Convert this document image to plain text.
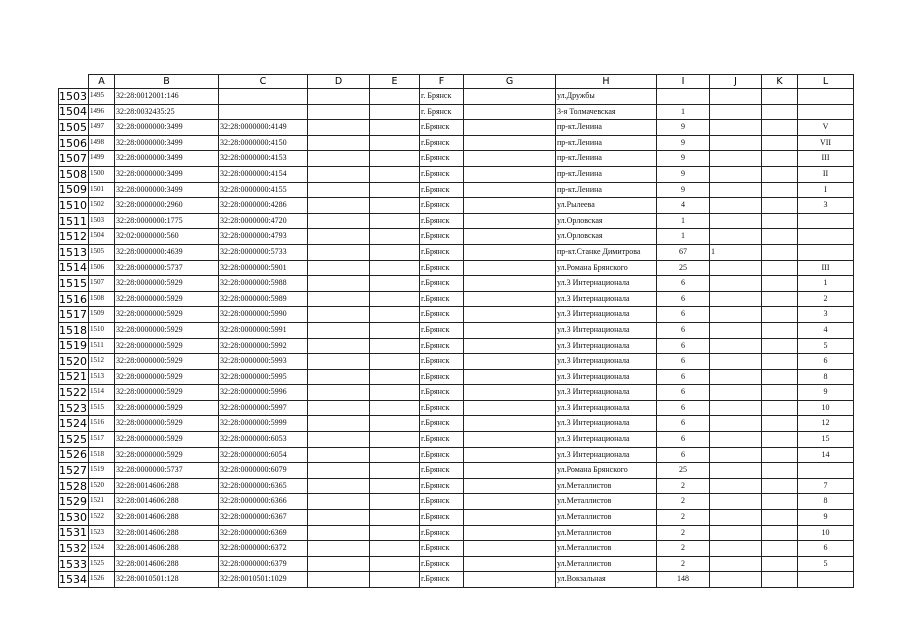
	A	B	C	D	E	F	G	H	I	J	K	L
1503	1495	32:28:0012001:146				г. Брянск		ул.Дружбы				
1504	1496	32:28:0032435:25				г. Брянск		3-я Толмачевская	1			
1505	1497	32:28:0000000:3499	32:28:0000000:4149			г.Брянск		пр-кт.Ленина	9			V
1506	1498	32:28:0000000:3499	32:28:0000000:4150			г.Брянск		пр-кт.Ленина	9			VII
1507	1499	32:28:0000000:3499	32:28:0000000:4153			г.Брянск		пр-кт.Ленина	9			III
1508	1500	32:28:0000000:3499	32:28:0000000:4154			г.Брянск		пр-кт.Ленина	9			II
1509	1501	32:28:0000000:3499	32:28:0000000:4155			г.Брянск		пр-кт.Ленина	9			I
1510	1502	32:28:0000000:2960	32:28:0000000:4286			г.Брянск		ул.Рылеева	4			3
1511	1503	32:28:0000000:1775	32:28:0000000:4720			г.Брянск		ул.Орловская	1			
1512	1504	32:02:0000000:560	32:28:0000000:4793			г.Брянск		ул.Орловская	1			
1513	1505	32:28:0000000:4639	32:28:0000000:5733			г.Брянск		пр-кт.Станке Димитрова	67	1		
1514	1506	32:28:0000000:5737	32:28:0000000:5901			г.Брянск		ул.Романа Брянского	25			III
1515	1507	32:28:0000000:5929	32:28:0000000:5988			г.Брянск		ул.3 Интернационала	6			1
1516	1508	32:28:0000000:5929	32:28:0000000:5989			г.Брянск		ул.3 Интернационала	6			2
1517	1509	32:28:0000000:5929	32:28:0000000:5990			г.Брянск		ул.3 Интернационала	6			3
1518	1510	32:28:0000000:5929	32:28:0000000:5991			г.Брянск		ул.3 Интернационала	6			4
1519	1511	32:28:0000000:5929	32:28:0000000:5992			г.Брянск		ул.3 Интернационала	6			5
1520	1512	32:28:0000000:5929	32:28:0000000:5993			г.Брянск		ул.3 Интернационала	6			6
1521	1513	32:28:0000000:5929	32:28:0000000:5995			г.Брянск		ул.3 Интернационала	6			8
1522	1514	32:28:0000000:5929	32:28:0000000:5996			г.Брянск		ул.3 Интернационала	6			9
1523	1515	32:28:0000000:5929	32:28:0000000:5997			г.Брянск		ул.3 Интернационала	6			10
1524	1516	32:28:0000000:5929	32:28:0000000:5999			г.Брянск		ул.3 Интернационала	6			12
1525	1517	32:28:0000000:5929	32:28:0000000:6053			г.Брянск		ул.3 Интернационала	6			15
1526	1518	32:28:0000000:5929	32:28:0000000:6054			г.Брянск		ул.3 Интернационала	6			14
1527	1519	32:28:0000000:5737	32:28:0000000:6079			г.Брянск		ул.Романа Брянского	25			
1528	1520	32:28:0014606:288	32:28:0000000:6365			г.Брянск		ул.Металлистов	2			7
1529	1521	32:28:0014606:288	32:28:0000000:6366			г.Брянск		ул.Металлистов	2			8
1530	1522	32:28:0014606:288	32:28:0000000:6367			г.Брянск		ул.Металлистов	2			9
1531	1523	32:28:0014606:288	32:28:0000000:6369			г.Брянск		ул.Металлистов	2			10
1532	1524	32:28:0014606:288	32:28:0000000:6372			г.Брянск		ул.Металлистов	2			6
1533	1525	32:28:0014606:288	32:28:0000000:6379			г.Брянск		ул.Металлистов	2			5
1534	1526	32:28:0010501:128	32:28:0010501:1029			г.Брянск		ул.Вокзальная	148			
